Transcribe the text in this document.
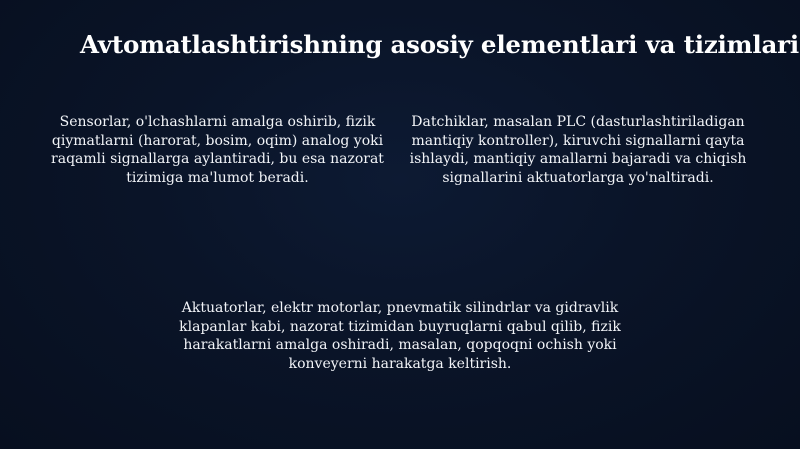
Avtomatlashtirishning asosiy elementlari va tizimlari

Sensorlar, o'lchashlarni amalga oshirib, fizik qiymatlarni (harorat, bosim, oqim) analog yoki raqamli signallarga aylantiradi, bu esa nazorat tizimiga ma'lumot beradi.

Datchiklar, masalan PLC (dasturlashtiriladigan mantiqiy kontroller), kiruvchi signallarni qayta ishlaydi, mantiqiy amallarni bajaradi va chiqish signallarini aktuatorlarga yo'naltiradi.

Aktuatorlar, elektr motorlar, pnevmatik silindrlar va gidravlik klapanlar kabi, nazorat tizimidan buyruqlarni qabul qilib, fizik harakatlarni amalga oshiradi, masalan, qopqoqni ochish yoki konveyerni harakatga keltirish.
